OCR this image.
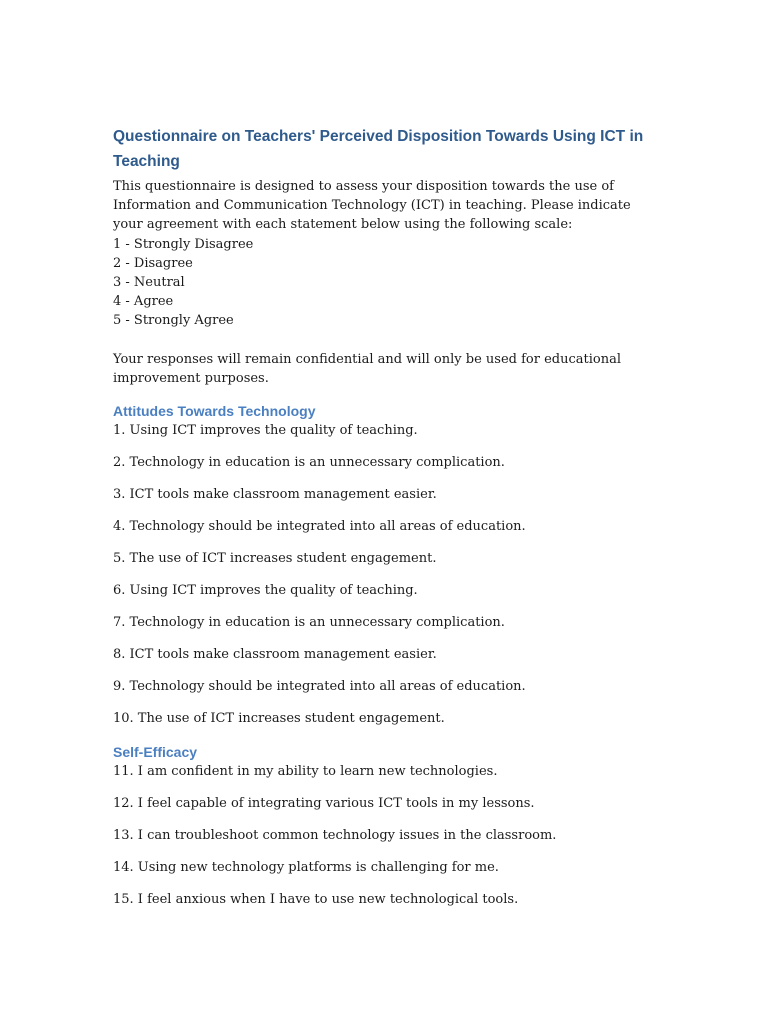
Questionnaire on Teachers' Perceived Disposition Towards Using ICT in Teaching

This questionnaire is designed to assess your disposition towards the use of Information and Communication Technology (ICT) in teaching. Please indicate your agreement with each statement below using the following scale:

1 - Strongly Disagree

2 - Disagree

3 - Neutral

4 - Agree

5 - Strongly Agree

Your responses will remain confidential and will only be used for educational improvement purposes.

Attitudes Towards Technology

1. Using ICT improves the quality of teaching.

2. Technology in education is an unnecessary complication.

3. ICT tools make classroom management easier.

4. Technology should be integrated into all areas of education.

5. The use of ICT increases student engagement.

6. Using ICT improves the quality of teaching.

7. Technology in education is an unnecessary complication.

8. ICT tools make classroom management easier.

9. Technology should be integrated into all areas of education.

10. The use of ICT increases student engagement.

Self-Efficacy

11. I am confident in my ability to learn new technologies.

12. I feel capable of integrating various ICT tools in my lessons.

13. I can troubleshoot common technology issues in the classroom.

14. Using new technology platforms is challenging for me.

15. I feel anxious when I have to use new technological tools.
